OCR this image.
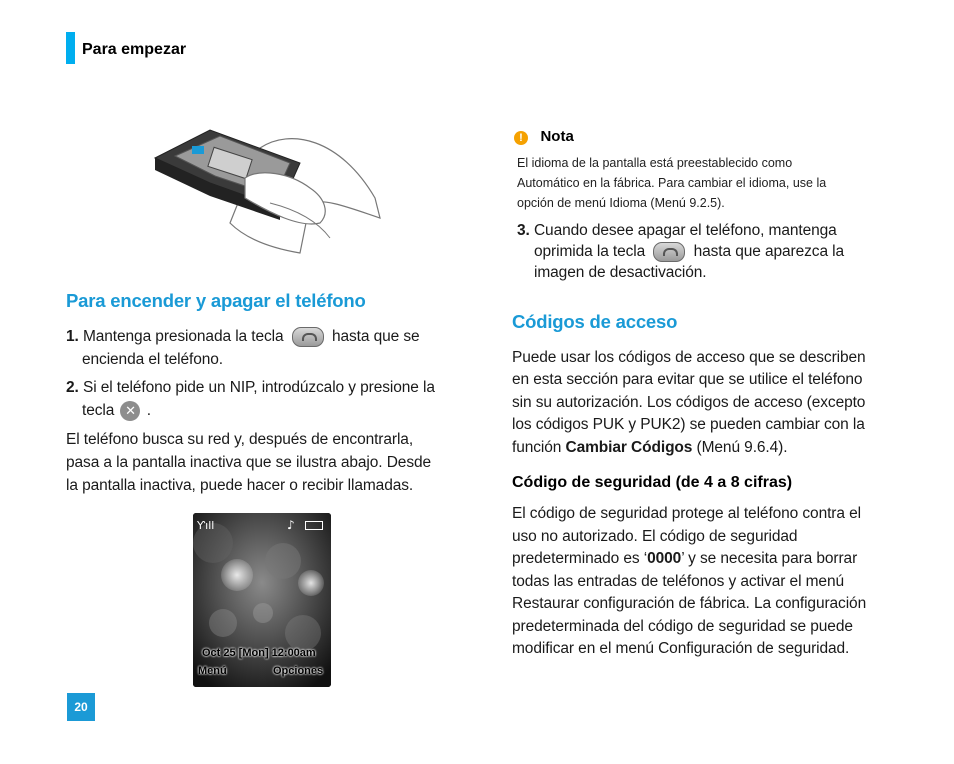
Para empezar
Para encender y apagar el teléfono
1. Mantenga presionada la tecla	hasta que se
encienda el teléfono.
2. Si el teléfono pide un NIP, introdúzcalo y presione la
tecla ✕ .
El teléfono busca su red y, después de encontrarla,
pasa a la pantalla inactiva que se ilustra abajo. Desde
la pantalla inactiva, puede hacer o recibir llamadas.
Ƴıll	♪
Oct 25 [Mon] 12:00am
Menú	Opciones
20
! Nota
El idioma de la pantalla está preestablecido como
Automático en la fábrica. Para cambiar el idioma, use la
opción de menú Idioma (Menú 9.2.5).
3. Cuando desee apagar el teléfono, mantenga
oprimida la tecla	hasta que aparezca la
imagen de desactivación.
Códigos de acceso
Puede usar los códigos de acceso que se describen
en esta sección para evitar que se utilice el teléfono
sin su autorización. Los códigos de acceso (excepto
los códigos PUK y PUK2) se pueden cambiar con la
función Cambiar Códigos (Menú 9.6.4).
Código de seguridad (de 4 a 8 cifras)
El código de seguridad protege al teléfono contra el
uso no autorizado. El código de seguridad
predeterminado es ‘0000’ y se necesita para borrar
todas las entradas de teléfonos y activar el menú
Restaurar configuración de fábrica. La configuración
predeterminada del código de seguridad se puede
modificar en el menú Configuración de seguridad.
